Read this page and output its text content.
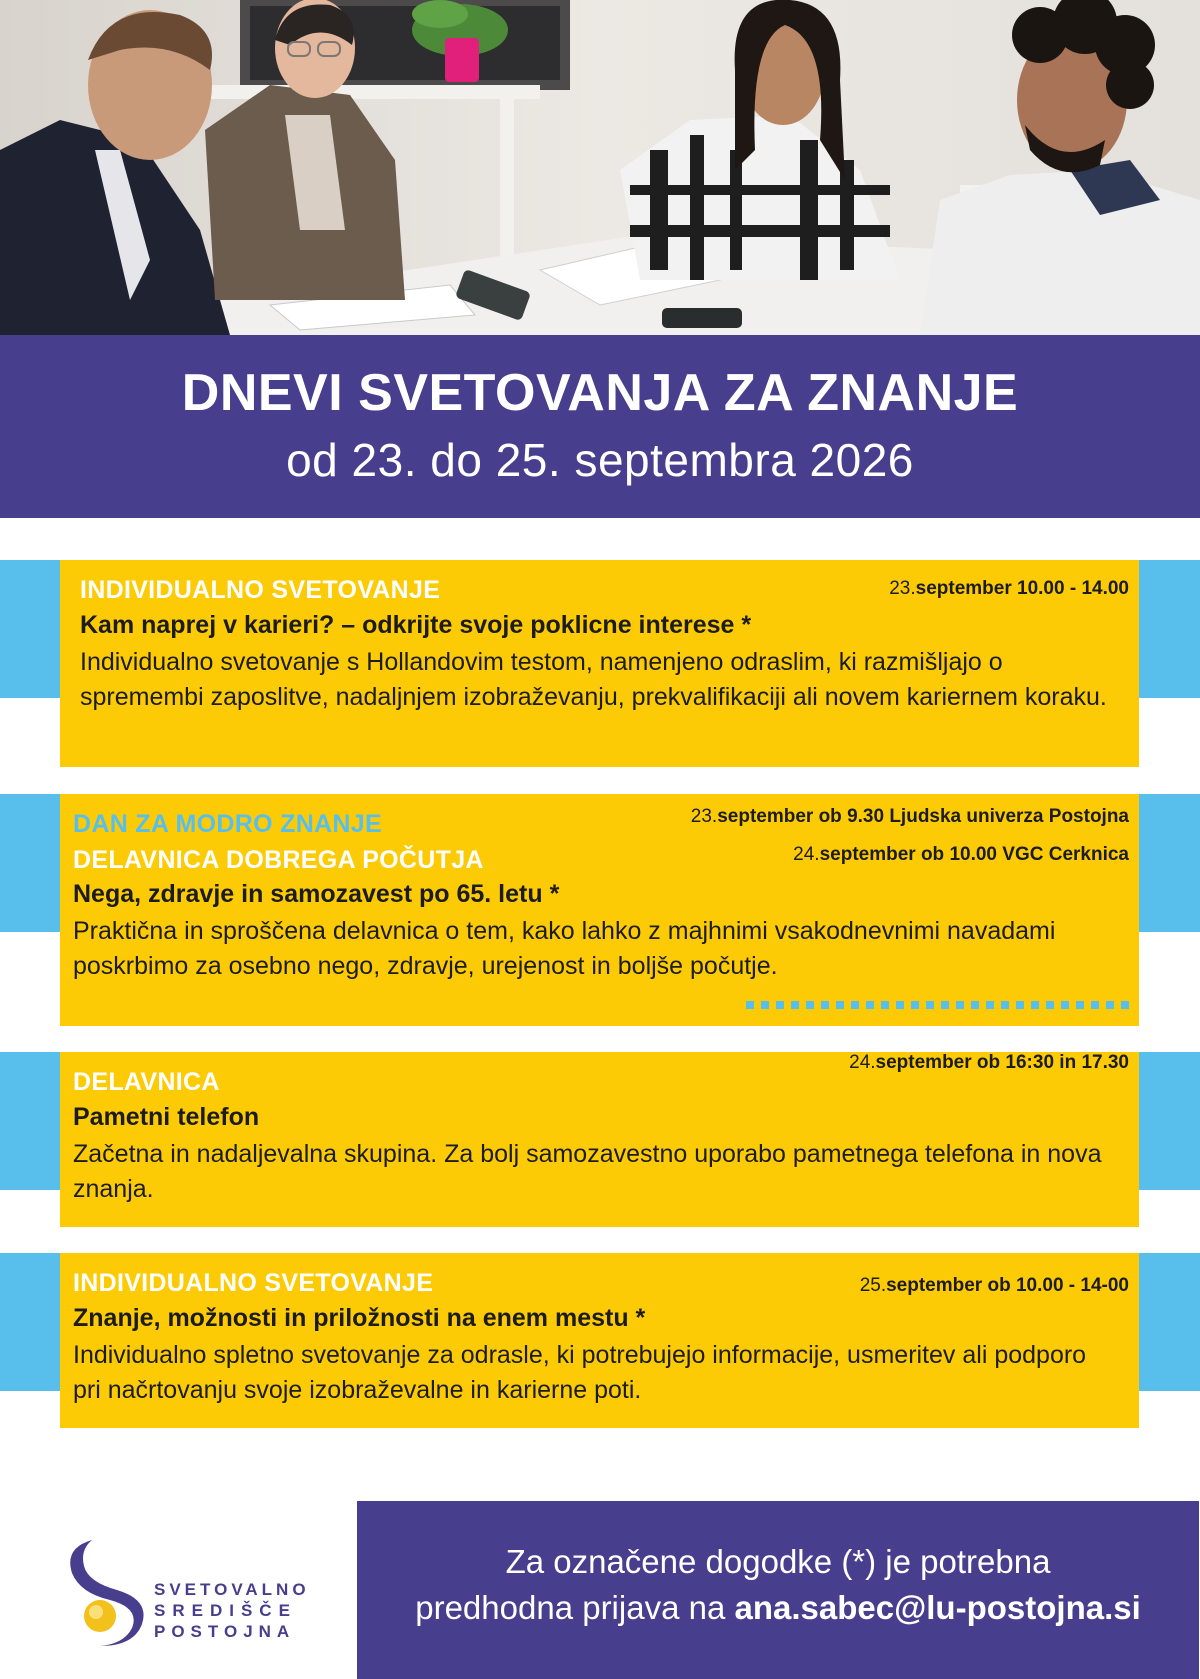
DNEVI SVETOVANJA ZA ZNANJE
od 23. do 25. septembra 2026
INDIVIDUALNO SVETOVANJE	23.september 10.00 - 14.00
Kam naprej v karieri? – odkrijte svoje poklicne interese *
Individualno svetovanje s Hollandovim testom, namenjeno odraslim, ki razmišljajo o spremembi zaposlitve, nadaljnjem izobraževanju, prekvalifikaciji ali novem kariernem koraku.
DAN ZA MODRO ZNANJE
DELAVNICA DOBREGA POČUTJA
23.september ob 9.30 Ljudska univerza Postojna
24.september ob 10.00 VGC Cerknica
Nega, zdravje in samozavest po 65. letu *
Praktična in sproščena delavnica o tem, kako lahko z majhnimi vsakodnevnimi navadami poskrbimo za osebno nego, zdravje, urejenost in boljše počutje.
DELAVNICA
24.september ob 16:30 in 17.30
Pametni telefon
Začetna in nadaljevalna skupina. Za bolj samozavestno uporabo pametnega telefona in nova znanja.
INDIVIDUALNO SVETOVANJE	25.september ob 10.00 - 14-00
Znanje, možnosti in priložnosti na enem mestu *
Individualno spletno svetovanje za odrasle, ki potrebujejo informacije, usmeritev ali podporo pri načrtovanju svoje izobraževalne in karierne poti.
SVETOVALNO
SREDIŠČE
POSTOJNA
Za označene dogodke (*) je potrebna
predhodna prijava na ana.sabec@lu-postojna.si
